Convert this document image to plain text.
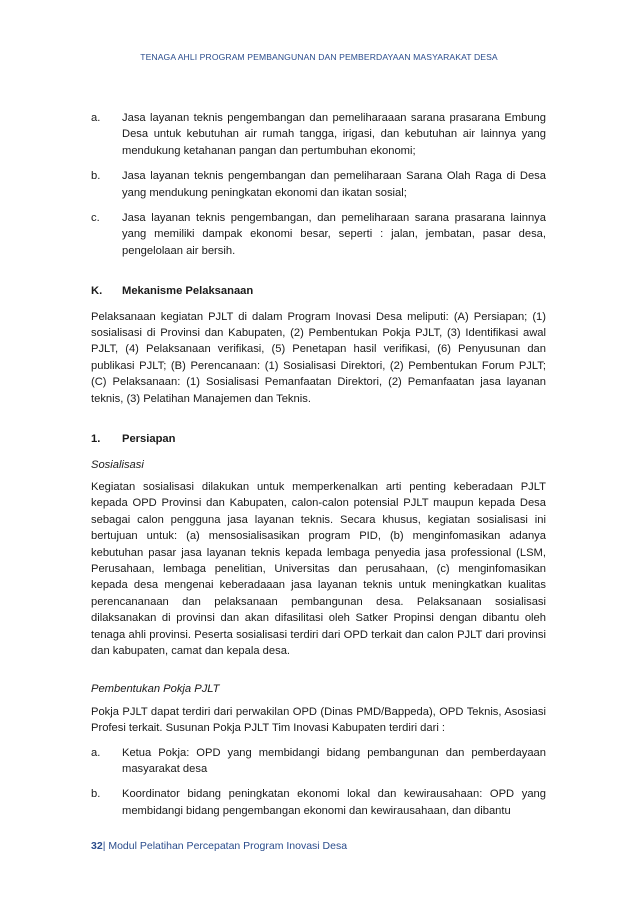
TENAGA AHLI PROGRAM PEMBANGUNAN DAN PEMBERDAYAAN MASYARAKAT DESA
a.	Jasa layanan teknis pengembangan dan pemeliharaaan sarana prasarana Embung Desa untuk kebutuhan air rumah tangga, irigasi, dan kebutuhan air lainnya yang mendukung ketahanan pangan dan pertumbuhan ekonomi;
b.	Jasa layanan teknis pengembangan dan pemeliharaan Sarana Olah Raga di Desa yang mendukung peningkatan ekonomi dan ikatan sosial;
c.	Jasa layanan teknis pengembangan, dan pemeliharaan sarana prasarana lainnya yang memiliki dampak ekonomi besar, seperti : jalan, jembatan, pasar desa, pengelolaan air bersih.
K.	Mekanisme Pelaksanaan

Pelaksanaan kegiatan PJLT di dalam Program Inovasi Desa meliputi: (A) Persiapan; (1) sosialisasi di Provinsi dan Kabupaten, (2) Pembentukan Pokja PJLT, (3) Identifikasi awal PJLT, (4) Pelaksanaan verifikasi, (5) Penetapan hasil verifikasi, (6) Penyusunan dan publikasi PJLT; (B) Perencanaan: (1) Sosialisasi Direktori, (2) Pembentukan Forum PJLT; (C) Pelaksanaan: (1) Sosialisasi Pemanfaatan Direktori, (2) Pemanfaatan jasa layanan teknis, (3) Pelatihan Manajemen dan Teknis.

1.	Persiapan
Sosialisasi

Kegiatan sosialisasi dilakukan untuk memperkenalkan arti penting keberadaan PJLT kepada OPD Provinsi dan Kabupaten, calon-calon potensial PJLT maupun kepada Desa sebagai calon pengguna jasa layanan teknis. Secara khusus, kegiatan sosialisasi ini bertujuan untuk: (a) mensosialisasikan program PID, (b) menginfomasikan adanya kebutuhan pasar jasa layanan teknis kepada lembaga penyedia jasa professional (LSM, Perusahaan, lembaga penelitian, Universitas dan perusahaan, (c) menginfomasikan kepada desa mengenai keberadaaan jasa layanan teknis untuk meningkatkan kualitas perencananaan dan pelaksanaan pembangunan desa. Pelaksanaan sosialisasi dilaksanakan di provinsi dan akan difasilitasi oleh Satker Propinsi dengan dibantu oleh tenaga ahli provinsi. Peserta sosialisasi terdiri dari OPD terkait dan calon PJLT dari provinsi dan kabupaten, camat dan kepala desa.

Pembentukan Pokja PJLT

Pokja PJLT dapat terdiri dari perwakilan OPD (Dinas PMD/Bappeda), OPD Teknis, Asosiasi Profesi terkait. Susunan Pokja PJLT Tim Inovasi Kabupaten terdiri dari :

a.	Ketua Pokja: OPD yang membidangi bidang pembangunan dan pemberdayaan masyarakat desa
b.	Koordinator bidang peningkatan ekonomi lokal dan kewirausahaan: OPD yang membidangi bidang pengembangan ekonomi dan kewirausahaan, dan dibantu
32| Modul Pelatihan Percepatan Program Inovasi Desa
